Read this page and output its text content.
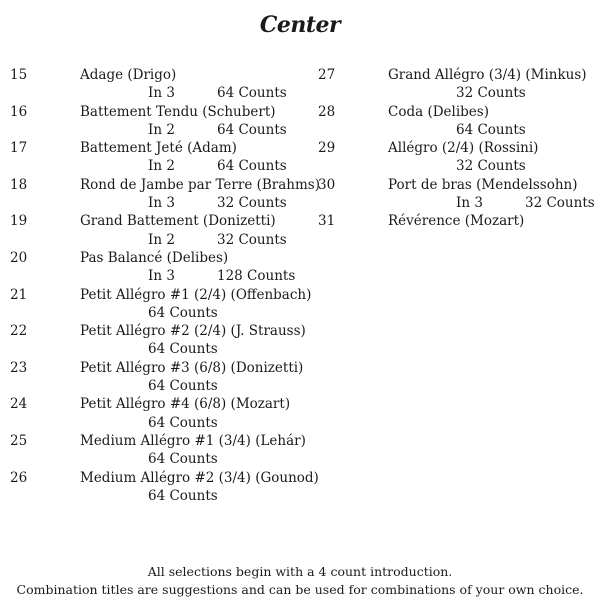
Center
15	Adage (Drigo)
In 3	64 Counts
16	Battement Tendu (Schubert)
In 2	64 Counts
17	Battement Jeté (Adam)
In 2	64 Counts
18	Rond de Jambe par Terre (Brahms)
In 3	32 Counts
19	Grand Battement (Donizetti)
In 2	32 Counts
20	Pas Balancé (Delibes)
In 3	128 Counts
21	Petit Allégro #1 (2/4) (Offenbach)
64 Counts
22	Petit Allégro #2 (2/4) (J. Strauss)
64 Counts
23	Petit Allégro #3 (6/8) (Donizetti)
64 Counts
24	Petit Allégro #4 (6/8) (Mozart)
64 Counts
25	Medium Allégro #1 (3/4) (Lehár)
64 Counts
26	Medium Allégro #2 (3/4) (Gounod)
64 Counts
27	Grand Allégro (3/4) (Minkus)
32 Counts
28	Coda (Delibes)
64 Counts
29	Allégro (2/4) (Rossini)
32 Counts
30	Port de bras (Mendelssohn)
In 3	32 Counts
31	Révérence (Mozart)
All selections begin with a 4 count introduction.
Combination titles are suggestions and can be used for combinations of your own choice.
